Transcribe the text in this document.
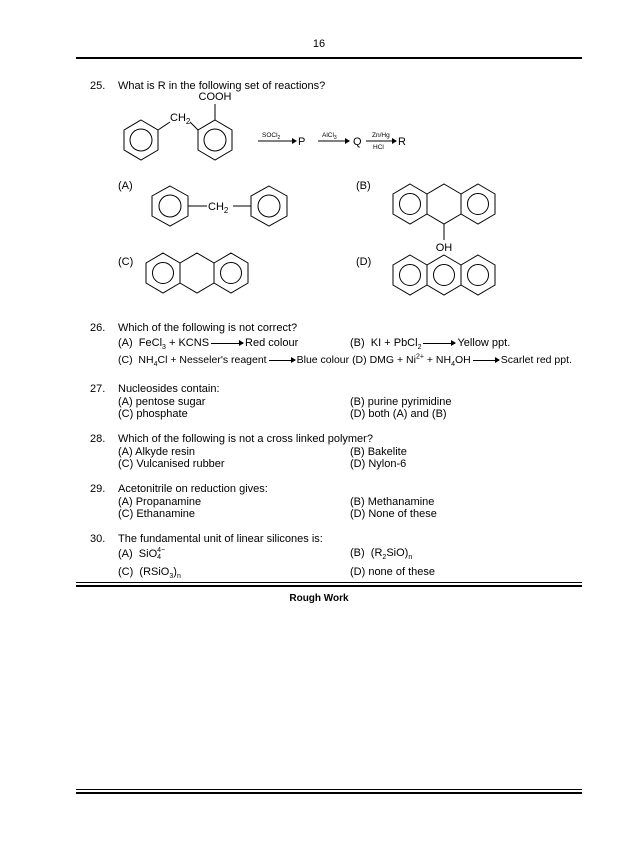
16
25. What is R in the following set of reactions?
COOH
$CH_2$
SOCl$_2$ P
AlCl$_3$ Q
Zn/Hg
HCl R
(A)
$CH_2$
(B)
OH
(C)	(D)
26. Which of the following is not correct?
(A) FeCl$_3$ + KCNS	Red colour	(B) KI + PbCl$_2$	Yellow ppt.
(C) $NH_4Cl$ + Nesseler's reagent	Blue colour (D) DMG + $Ni^{2+} + NH_4OH$	Scarlet red ppt.
27. Nucleosides contain:
(A) pentose sugar	(B) purine pyrimidine
(C) phosphate	(D) both (A) and (B)
28. Which of the following is not a cross linked polymer?
(A) Alkyde resin	(B) Bakelite
(C) Vulcanised rubber	(D) Nylon-6
29. Acetonitrile on reduction gives:
(A) Propanamine	(B) Methanamine
(C) Ethanamine	(D) None of these
30. The fundamental unit of linear silicones is:
(A) SiO 4−
4	(B) $(R_2SiO)_n$
(C) $(RSiO_3)_n$	(D) none of these
Rough Work
